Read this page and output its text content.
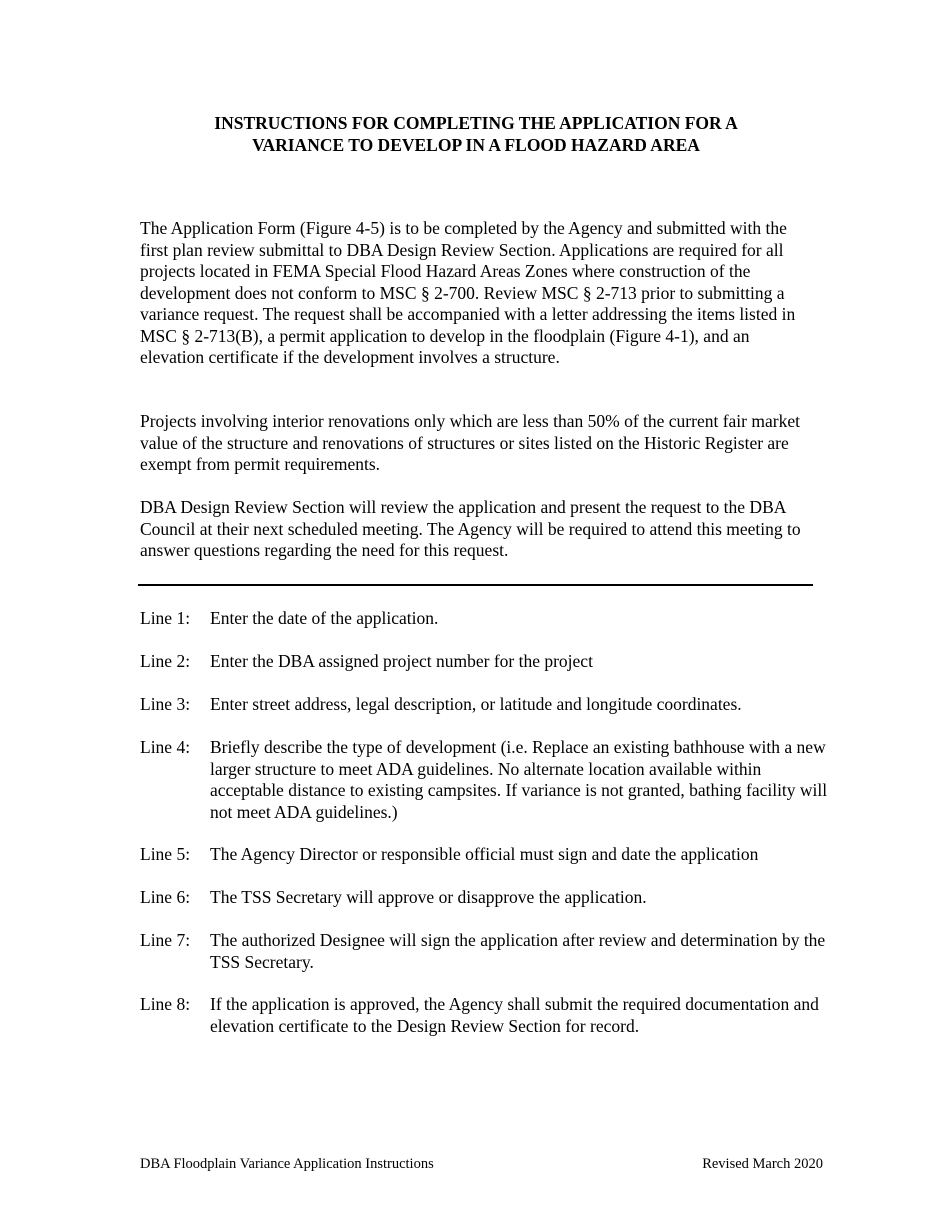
INSTRUCTIONS FOR COMPLETING THE APPLICATION FOR A
VARIANCE TO DEVELOP IN A FLOOD HAZARD AREA

The Application Form (Figure 4-5) is to be completed by the Agency and submitted with the first plan review submittal to DBA Design Review Section. Applications are required for all projects located in FEMA Special Flood Hazard Areas Zones where construction of the development does not conform to MSC § 2-700. Review MSC § 2-713 prior to submitting a variance request. The request shall be accompanied with a letter addressing the items listed in MSC § 2-713(B), a permit application to develop in the floodplain (Figure 4-1), and an elevation certificate if the development involves a structure.

Projects involving interior renovations only which are less than 50% of the current fair market value of the structure and renovations of structures or sites listed on the Historic Register are exempt from permit requirements.

DBA Design Review Section will review the application and present the request to the DBA Council at their next scheduled meeting. The Agency will be required to attend this meeting to answer questions regarding the need for this request.

Line 1: Enter the date of the application.
Line 2: Enter the DBA assigned project number for the project
Line 3: Enter street address, legal description, or latitude and longitude coordinates.
Line 4: Briefly describe the type of development (i.e. Replace an existing bathhouse with a new larger structure to meet ADA guidelines. No alternate location available within acceptable distance to existing campsites. If variance is not granted, bathing facility will not meet ADA guidelines.)
Line 5: The Agency Director or responsible official must sign and date the application
Line 6: The TSS Secretary will approve or disapprove the application.
Line 7: The authorized Designee will sign the application after review and determination by the TSS Secretary.
Line 8: If the application is approved, the Agency shall submit the required documentation and elevation certificate to the Design Review Section for record.
DBA Floodplain Variance Application Instructions	Revised March 2020
